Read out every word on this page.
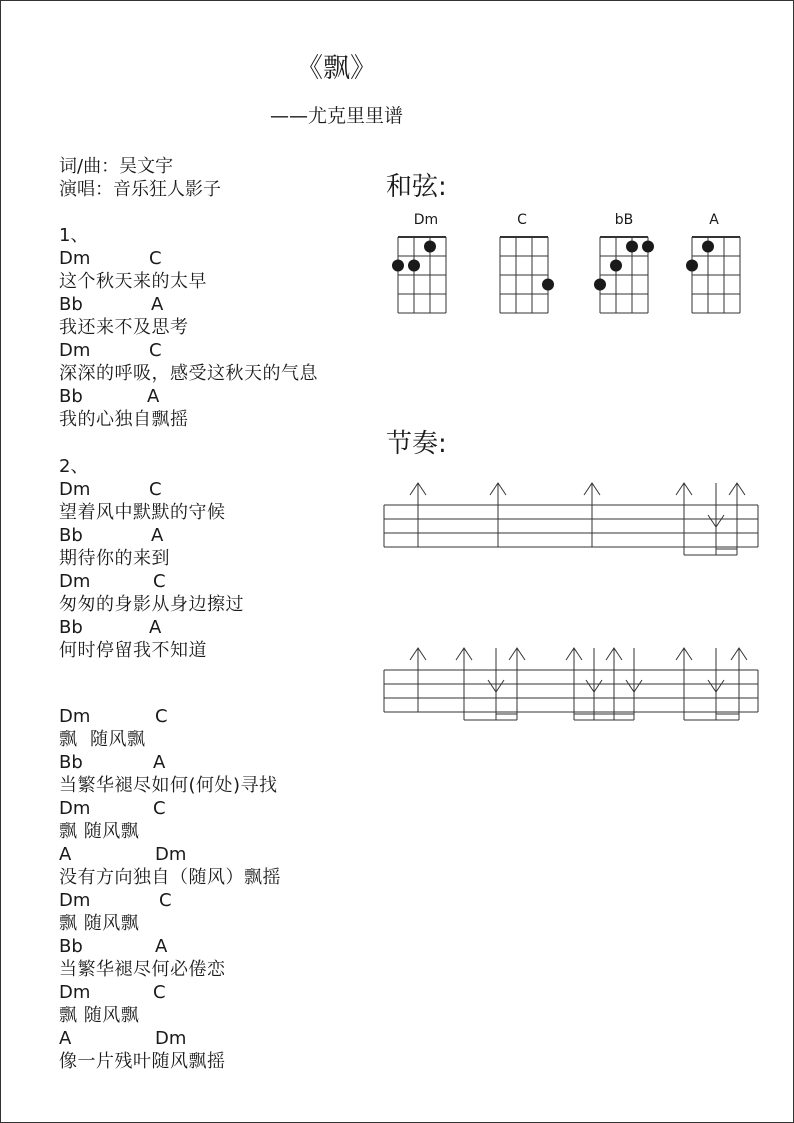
《飘》
——尤克里里谱
词/曲：吴文宇
演唱：音乐狂人影子
1、
Dm	C
这个秋天来的太早
Bb	A
我还来不及思考
Dm	C
深深的呼吸，感受这秋天的气息
Bb	A
我的心独自飘摇
2、
Dm	C
望着风中默默的守候
Bb	A
期待你的来到
Dm	C
匆匆的身影从身边擦过
Bb	A
何时停留我不知道
Dm	C
飘  随风飘
Bb	A
当繁华褪尽如何(何处)寻找
Dm	C
飘 随风飘
A	Dm
没有方向独自（随风）飘摇
Dm	C
飘 随风飘
Bb	A
当繁华褪尽何必倦恋
Dm	C
飘 随风飘
A	Dm
像一片残叶随风飘摇
和弦:
Dm	C	bB	A
节奏:
